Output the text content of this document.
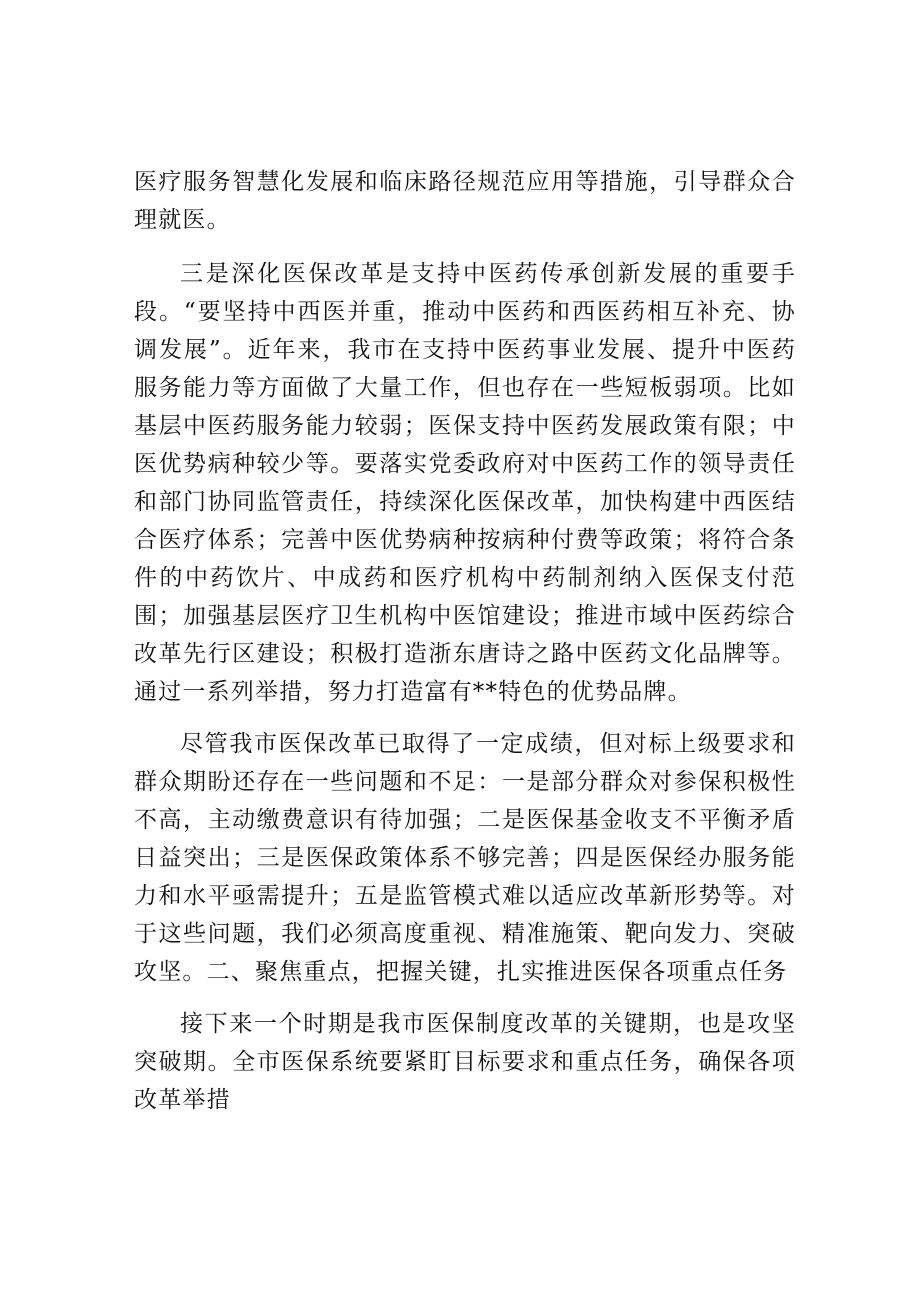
医疗服务智慧化发展和临床路径规范应用等措施，引导群众合理就医。

三是深化医保改革是支持中医药传承创新发展的重要手段。“要坚持中西医并重，推动中医药和西医药相互补充、协调发展”。近年来，我市在支持中医药事业发展、提升中医药服务能力等方面做了大量工作，但也存在一些短板弱项。比如基层中医药服务能力较弱；医保支持中医药发展政策有限；中医优势病种较少等。要落实党委政府对中医药工作的领导责任和部门协同监管责任，持续深化医保改革，加快构建中西医结合医疗体系；完善中医优势病种按病种付费等政策；将符合条件的中药饮片、中成药和医疗机构中药制剂纳入医保支付范围；加强基层医疗卫生机构中医馆建设；推进市域中医药综合改革先行区建设；积极打造浙东唐诗之路中医药文化品牌等。通过一系列举措，努力打造富有**特色的优势品牌。

尽管我市医保改革已取得了一定成绩，但对标上级要求和群众期盼还存在一些问题和不足：一是部分群众对参保积极性不高，主动缴费意识有待加强；二是医保基金收支不平衡矛盾日益突出；三是医保政策体系不够完善；四是医保经办服务能力和水平亟需提升；五是监管模式难以适应改革新形势等。对于这些问题，我们必须高度重视、精准施策、靶向发力、突破攻坚。二、聚焦重点，把握关键，扎实推进医保各项重点任务

接下来一个时期是我市医保制度改革的关键期，也是攻坚突破期。全市医保系统要紧盯目标要求和重点任务，确保各项改革举措
